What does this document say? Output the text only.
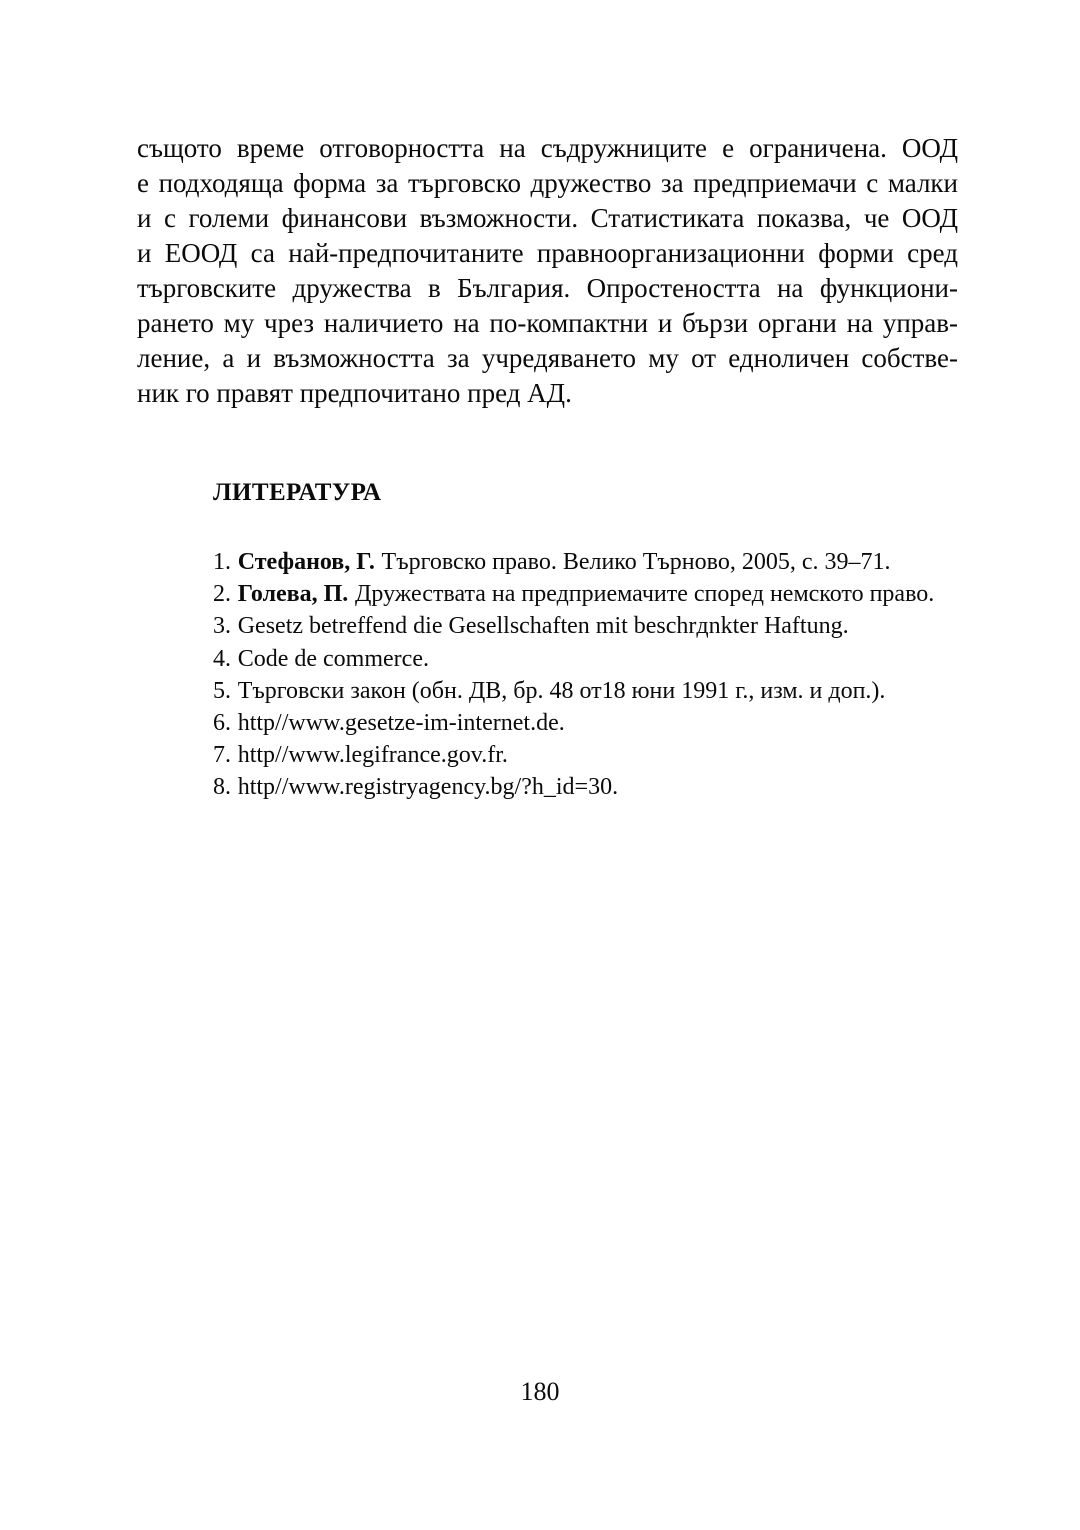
същото време отговорността на съдружниците е ограничена. ООД
е подходяща форма за търговско дружество за предприемачи с малки
и с големи финансови възможности. Статистиката показва, че ООД
и ЕООД са най-предпочитаните правноорганизационни форми сред
търговските дружества в България. Опростеността на функциони-
рането му чрез наличието на по-компактни и бързи органи на управ-
ление, а и възможността за учредяването му от едноличен собстве-
ник го правят предпочитано пред АД.
ЛИТЕРАТУРА
1. Стефанов, Г. Търговско право. Велико Търново, 2005, с. 39–71.
2. Голева, П. Дружествата на предприемачите според немското право.
3. Gesetz betreffend die Gesellschaften mit beschrдnkter Haftung.
4. Code de commerce.
5. Търговски закон (обн. ДВ, бр. 48 от18 юни 1991 г., изм. и доп.).
6. http//www.gesetze-im-internet.de.
7. http//www.legifrance.gov.fr.
8. http//www.registryagency.bg/?h_id=30.
180
